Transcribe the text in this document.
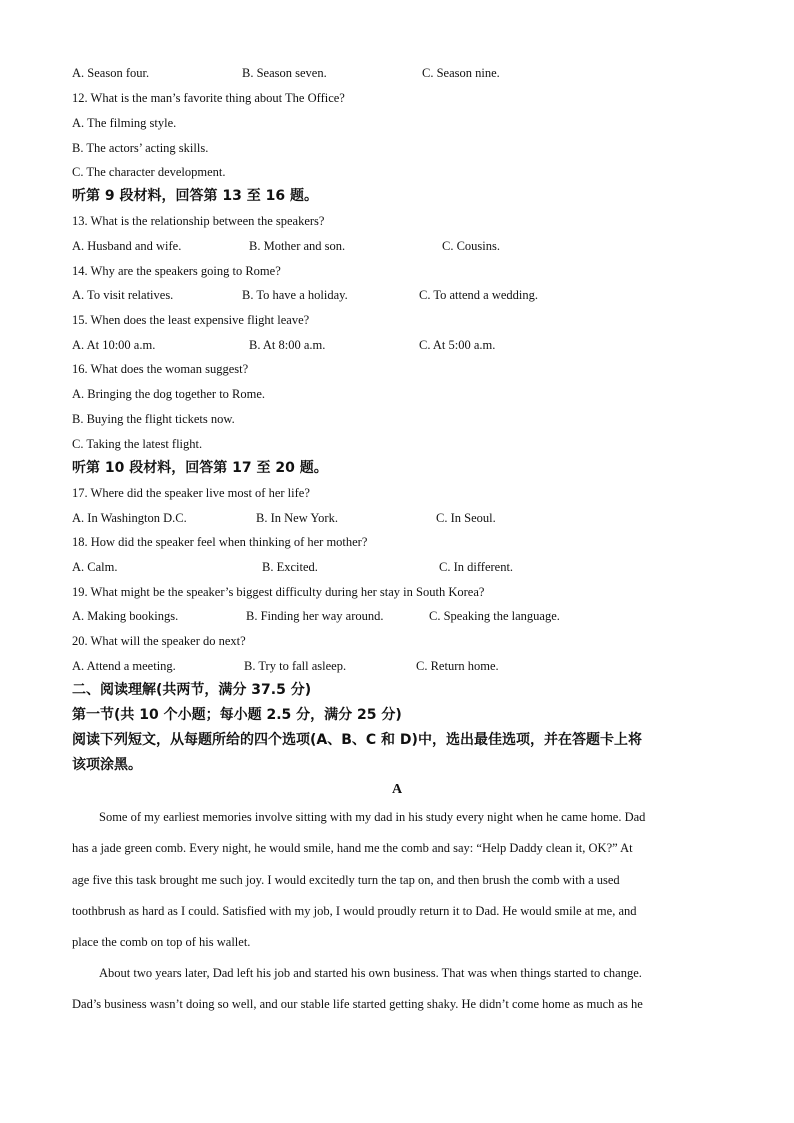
A. Season four.	B. Season seven.	C. Season nine.
12. What is the man’s favorite thing about The Office?
A. The filming style.
B. The actors’ acting skills.
C. The character development.
听第 9 段材料，回答第 13 至 16 题。
13. What is the relationship between the speakers?
A. Husband and wife.	B. Mother and son.	C. Cousins.
14. Why are the speakers going to Rome?
A. To visit relatives.	B. To have a holiday.	C. To attend a wedding.
15. When does the least expensive flight leave?
A. At 10:00 a.m.	B. At 8:00 a.m.	C. At 5:00 a.m.
16. What does the woman suggest?
A. Bringing the dog together to Rome.
B. Buying the flight tickets now.
C. Taking the latest flight.
听第 10 段材料，回答第 17 至 20 题。
17. Where did the speaker live most of her life?
A. In Washington D.C.	B. In New York.	C. In Seoul.
18. How did the speaker feel when thinking of her mother?
A. Calm.	B. Excited.	C. In different.
19. What might be the speaker’s biggest difficulty during her stay in South Korea?
A. Making bookings.	B. Finding her way around.	C. Speaking the language.
20. What will the speaker do next?
A. Attend a meeting.	B. Try to fall asleep.	C. Return home.
二、阅读理解(共两节，满分 37.5 分)
第一节(共 10 个小题；每小题 2.5 分，满分 25 分)
阅读下列短文，从每题所给的四个选项(A、B、C 和 D)中，选出最佳选项，并在答题卡上将
该项涂黑。
A
Some of my earliest memories involve sitting with my dad in his study every night when he came home. Dad
has a jade green comb. Every night, he would smile, hand me the comb and say: “Help Daddy clean it, OK?” At
age five this task brought me such joy. I would excitedly turn the tap on, and then brush the comb with a used
toothbrush as hard as I could. Satisfied with my job, I would proudly return it to Dad. He would smile at me, and
place the comb on top of his wallet.
About two years later, Dad left his job and started his own business. That was when things started to change.
Dad’s business wasn’t doing so well, and our stable life started getting shaky. He didn’t come home as much as he
